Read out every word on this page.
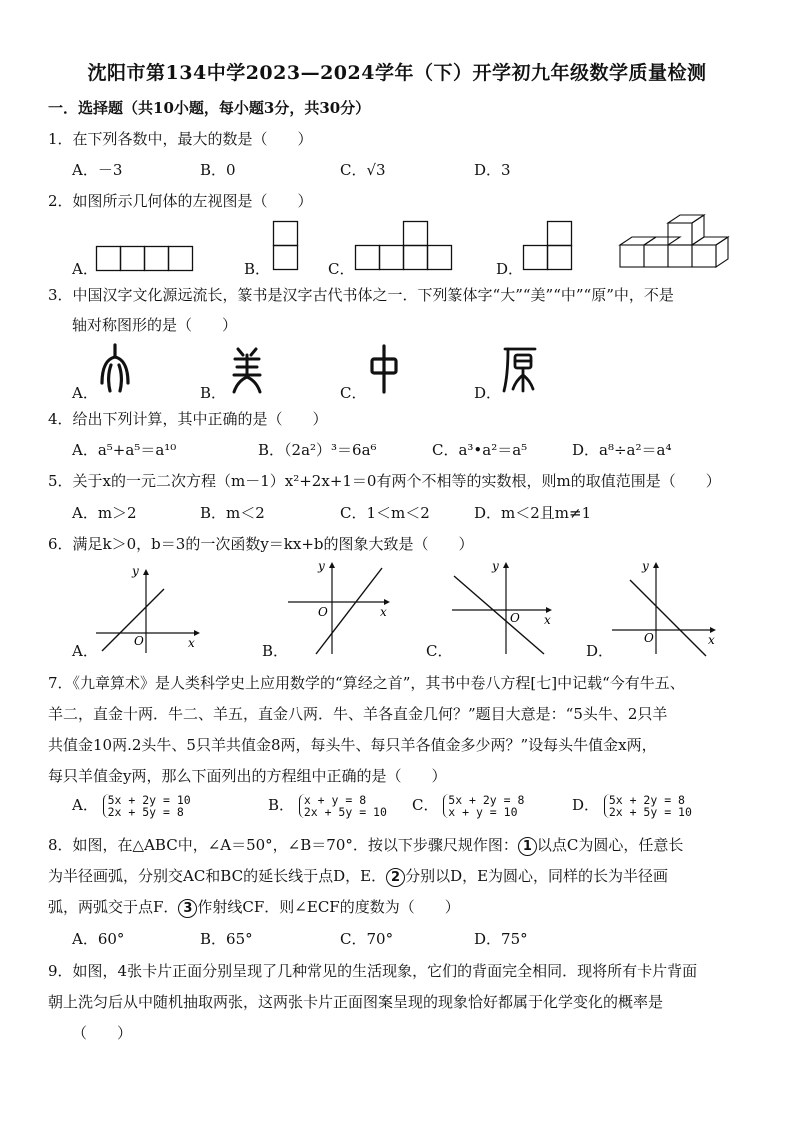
沈阳市第134中学2023—2024学年（下）开学初九年级数学质量检测
一．选择题（共10小题，每小题3分，共30分）
1．在下列各数中，最大的数是（　　）
A．－3	B．0	C．√3	D．3
2．如图所示几何体的左视图是（　　）
A．	B．	C．	D．
3．中国汉字文化源远流长，篆书是汉字古代书体之一．下列篆体字“大”“美”“中”“原”中，不是
轴对称图形的是（　　）
A．	B．	C．	D．
4．给出下列计算，其中正确的是（　　）
A．a⁵+a⁵＝a¹⁰	B．（2a²）³＝6a⁶	C．a³•a²＝a⁵	D．a⁸÷a²＝a⁴
5．关于x的一元二次方程（m－1）x²+2x+1＝0有两个不相等的实数根，则m的取值范围是（　　）
A．m＞2	B．m＜2	C．1＜m＜2	D．m＜2且m≠1
6．满足k＞0，b＝3的一次函数y＝kx+b的图象大致是（　　）
A．	B．	C．	D．
y
x
O
y
x
O
y
x
O
y
x
O
7．《九章算术》是人类科学史上应用数学的“算经之首”，其书中卷八方程[七]中记载“今有牛五、
羊二，直金十两．牛二、羊五，直金八两．牛、羊各直金几何？”题目大意是：“5头牛、2只羊
共值金10两.2头牛、5只羊共值金8两，每头牛、每只羊各值金多少两？”设每头牛值金x两，
每只羊值金y两，那么下面列出的方程组中正确的是（　　）
A． 5x + 2y = 10
2x + 5y = 8	B． x + y = 8
2x + 5y = 10 C． 5x + 2y = 8
x + y = 10	D． 5x + 2y = 8
2x + 5y = 10
8．如图，在△ABC中，∠A＝50°，∠B＝70°．按以下步骤尺规作图： 1 以点C为圆心，任意长
为半径画弧，分别交AC和BC的延长线于点D，E． 2 分别以D，E为圆心，同样的长为半径画
弧，两弧交于点F． 3 作射线CF．则∠ECF的度数为（　　）
A．60°	B．65°	C．70°	D．75°
9．如图，4张卡片正面分别呈现了几种常见的生活现象，它们的背面完全相同．现将所有卡片背面
朝上洗匀后从中随机抽取两张，这两张卡片正面图案呈现的现象恰好都属于化学变化的概率是
（　　）
